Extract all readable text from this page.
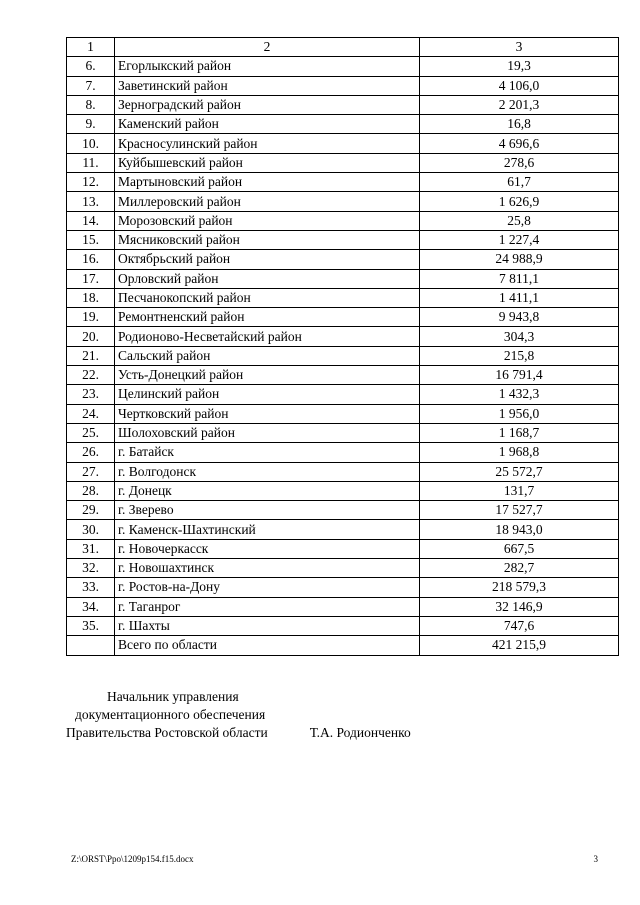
1	2	3
6.	Егорлыкский район	19,3
7.	Заветинский район	4 106,0
8.	Зерноградский район	2 201,3
9.	Каменский район	16,8
10.	Красносулинский район	4 696,6
11.	Куйбышевский район	278,6
12.	Мартыновский район	61,7
13.	Миллеровский район	1 626,9
14.	Морозовский район	25,8
15.	Мясниковский район	1 227,4
16.	Октябрьский район	24 988,9
17.	Орловский район	7 811,1
18.	Песчанокопский район	1 411,1
19.	Ремонтненский район	9 943,8
20.	Родионово-Несветайский район	304,3
21.	Сальский район	215,8
22.	Усть-Донецкий район	16 791,4
23.	Целинский район	1 432,3
24.	Чертковский район	1 956,0
25.	Шолоховский район	1 168,7
26.	г. Батайск	1 968,8
27.	г. Волгодонск	25 572,7
28.	г. Донецк	131,7
29.	г. Зверево	17 527,7
30.	г. Каменск-Шахтинский	18 943,0
31.	г. Новочеркасск	667,5
32.	г. Новошахтинск	282,7
33.	г. Ростов-на-Дону	218 579,3
34.	г. Таганрог	32 146,9
35.	г. Шахты	747,6
	Всего по области	421 215,9
Начальник управления
документационного обеспечения
Правительства Ростовской области	Т.А. Родионченко
Z:\ORST\Ppo\1209p154.f15.docx	3
